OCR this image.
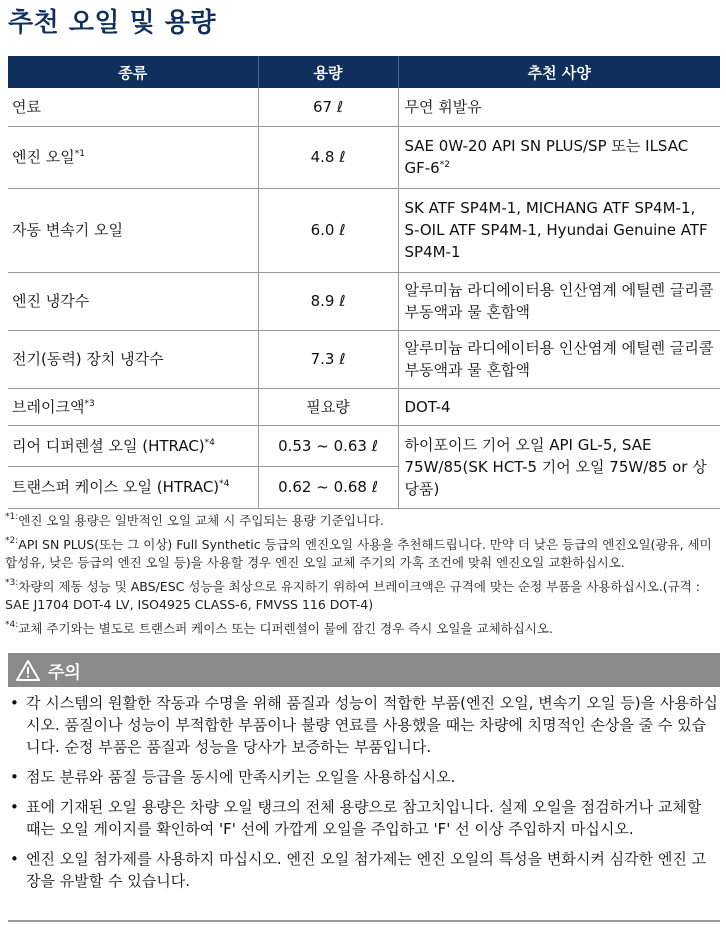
추천 오일 및 용량
종류	용량	추천 사양
연료	67 ℓ	무연 휘발유
엔진 오일$^{*1}$	4.8 ℓ	SAE 0W-20 API SN PLUS/SP 또는 ILSAC GF-6$^{*2}$
자동 변속기 오일	6.0 ℓ	SK ATF SP4M-1, MICHANG ATF SP4M-1, S-OIL ATF SP4M-1, Hyundai Genuine ATF SP4M-1
엔진 냉각수	8.9 ℓ	알루미늄 라디에이터용 인산염계 에틸렌 글리콜 부동액과 물 혼합액
전기(동력) 장치 냉각수	7.3 ℓ	알루미늄 라디에이터용 인산염계 에틸렌 글리콜 부동액과 물 혼합액
브레이크액$^{*3}$	필요량	DOT-4
리어 디퍼렌셜 오일 (HTRAC)$^{*4}$	0.53 ~ 0.63 ℓ	하이포이드 기어 오일 API GL-5, SAE 75W/85(SK HCT-5 기어 오일 75W/85 or 상당품)
트랜스퍼 케이스 오일 (HTRAC)$^{*4}$	0.62 ~ 0.68 ℓ	
$^{*1:}$엔진 오일 용량은 일반적인 오일 교체 시 주입되는 용량 기준입니다.
$^{*2:}$API SN PLUS(또는 그 이상) Full Synthetic 등급의 엔진오일 사용을 추천해드립니다. 만약 더 낮은 등급의 엔진오일(광유, 세미합성유, 낮은 등급의 엔진 오일 등)을 사용할 경우 엔진 오일 교체 주기의 가혹 조건에 맞춰 엔진오일 교환하십시오.
$^{*3:}$차량의 제동 성능 및 ABS/ESC 성능을 최상으로 유지하기 위하여 브레이크액은 규격에 맞는 순정 부품을 사용하십시오.(규격 : SAE J1704 DOT-4 LV, ISO4925 CLASS-6, FMVSS 116 DOT-4)
$^{*4:}$교체 주기와는 별도로 트랜스퍼 케이스 또는 디퍼렌셜이 물에 잠긴 경우 즉시 오일을 교체하십시오.
주의
• 각 시스템의 원활한 작동과 수명을 위해 품질과 성능이 적합한 부품(엔진 오일, 변속기 오일 등)을 사용하십시오. 품질이나 성능이 부적합한 부품이나 불량 연료를 사용했을 때는 차량에 치명적인 손상을 줄 수 있습니다. 순정 부품은 품질과 성능을 당사가 보증하는 부품입니다.
• 점도 분류와 품질 등급을 동시에 만족시키는 오일을 사용하십시오.
• 표에 기재된 오일 용량은 차량 오일 탱크의 전체 용량으로 참고치입니다. 실제 오일을 점검하거나 교체할 때는 오일 게이지를 확인하여 'F' 선에 가깝게 오일을 주입하고 'F' 선 이상 주입하지 마십시오.
• 엔진 오일 첨가제를 사용하지 마십시오. 엔진 오일 첨가제는 엔진 오일의 특성을 변화시켜 심각한 엔진 고장을 유발할 수 있습니다.
